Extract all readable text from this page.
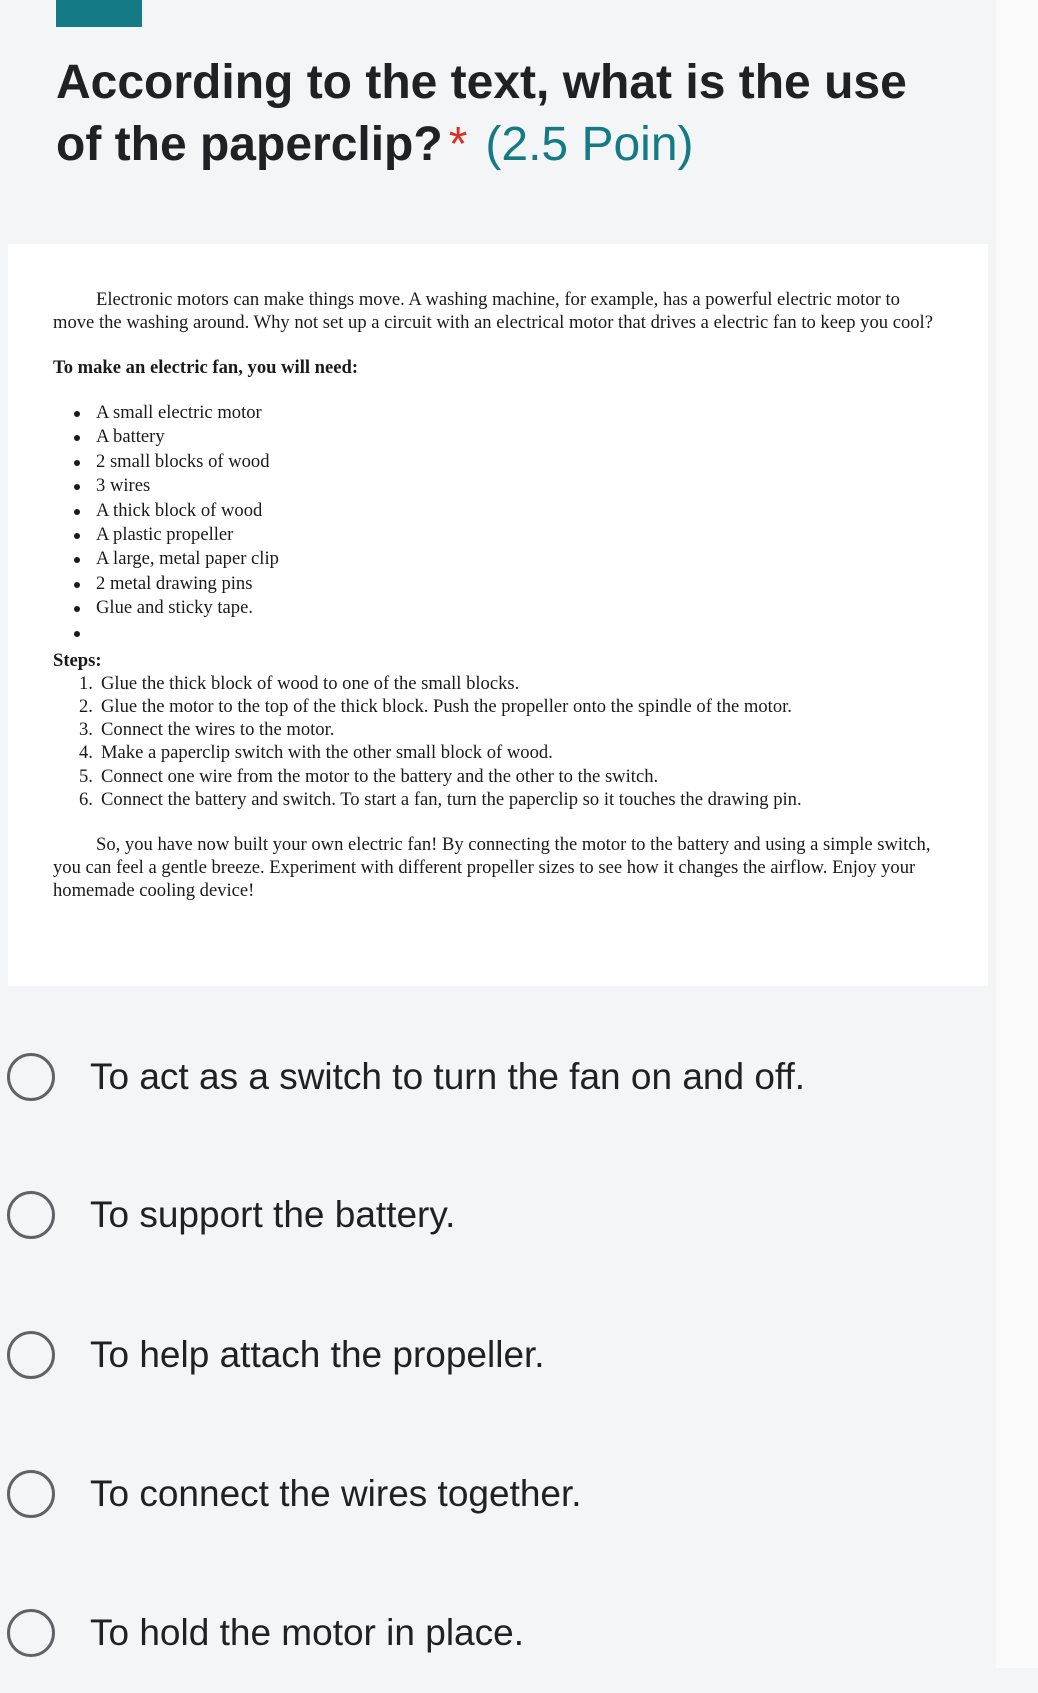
According to the text, what is the use of the paperclip? * (2.5 Poin)

Electronic motors can make things move. A washing machine, for example, has a powerful electric motor to move the washing around. Why not set up a circuit with an electrical motor that drives a electric fan to keep you cool?

To make an electric fan, you will need:

A small electric motor
A battery
2 small blocks of wood
3 wires
A thick block of wood
A plastic propeller
A large, metal paper clip
2 metal drawing pins
Glue and sticky tape.

Steps:

1. Glue the thick block of wood to one of the small blocks.
2. Glue the motor to the top of the thick block. Push the propeller onto the spindle of the motor.
3. Connect the wires to the motor.
4. Make a paperclip switch with the other small block of wood.
5. Connect one wire from the motor to the battery and the other to the switch.
6. Connect the battery and switch. To start a fan, turn the paperclip so it touches the drawing pin.

So, you have now built your own electric fan! By connecting the motor to the battery and using a simple switch, you can feel a gentle breeze. Experiment with different propeller sizes to see how it changes the airflow. Enjoy your homemade cooling device!

To act as a switch to turn the fan on and off.
To support the battery.
To help attach the propeller.
To connect the wires together.
To hold the motor in place.
